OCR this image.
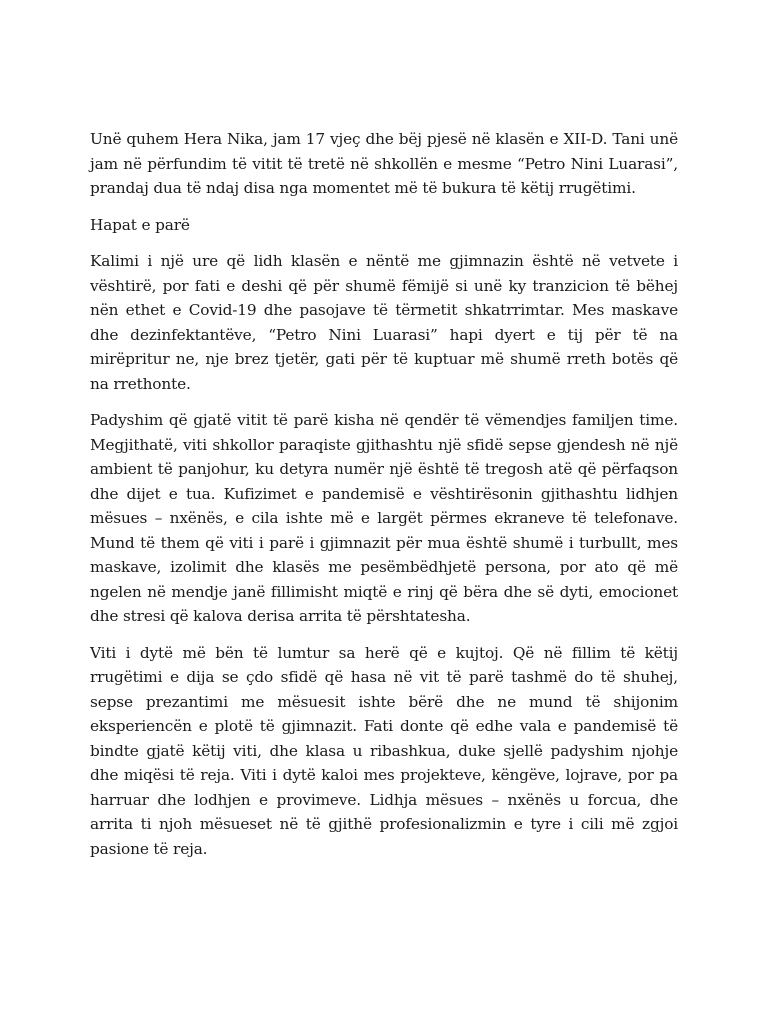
Unë quhem Hera Nika, jam 17 vjeç dhe bëj pjesë në klasën e XII-D. Tani unë jam në përfundim të vitit të tretë në shkollën e mesme “Petro Nini Luarasi”, prandaj dua të ndaj disa nga momentet më të bukura të këtij rrugëtimi.

Hapat e parë

Kalimi i një ure që lidh klasën e nëntë me gjimnazin është në vetvete i vështirë, por fati e deshi që për shumë fëmijë si unë ky tranzicion të bëhej nën ethet e Covid-19 dhe pasojave të tërmetit shkatrrimtar. Mes maskave dhe dezinfektantëve, “Petro Nini Luarasi” hapi dyert e tij për të na mirëpritur ne, nje brez tjetër, gati për të kuptuar më shumë rreth botës që na rrethonte.

Padyshim që gjatë vitit të parë kisha në qendër të vëmendjes familjen time. Megjithatë, viti shkollor paraqiste gjithashtu një sfidë sepse gjendesh në një ambient të panjohur, ku detyra numër një është të tregosh atë që përfaqson dhe dijet e tua. Kufizimet e pandemisë e vështirësonin gjithashtu lidhjen mësues – nxënës, e cila ishte më e largët përmes ekraneve të telefonave. Mund të them që viti i parë i gjimnazit për mua është shumë i turbullt, mes maskave, izolimit dhe klasës me pesëmbëdhjetë persona, por ato që më ngelen në mendje janë fillimisht miqtë e rinj që bëra dhe së dyti, emocionet dhe stresi që kalova derisa arrita të përshtatesha.

Viti i dytë më bën të lumtur sa herë që e kujtoj. Që në fillim të këtij rrugëtimi e dija se çdo sfidë që hasa në vit të parë tashmë do të shuhej, sepse prezantimi me mësuesit ishte bërë dhe ne mund të shijonim eksperiencën e plotë të gjimnazit. Fati donte që edhe vala e pandemisë të bindte gjatë këtij viti, dhe klasa u ribashkua, duke sjellë padyshim njohje dhe miqësi të reja. Viti i dytë kaloi mes projekteve, këngëve, lojrave, por pa harruar dhe lodhjen e provimeve. Lidhja mësues – nxënës u forcua, dhe arrita ti njoh mësueset në të gjithë profesionalizmin e tyre i cili më zgjoi pasione të reja.
